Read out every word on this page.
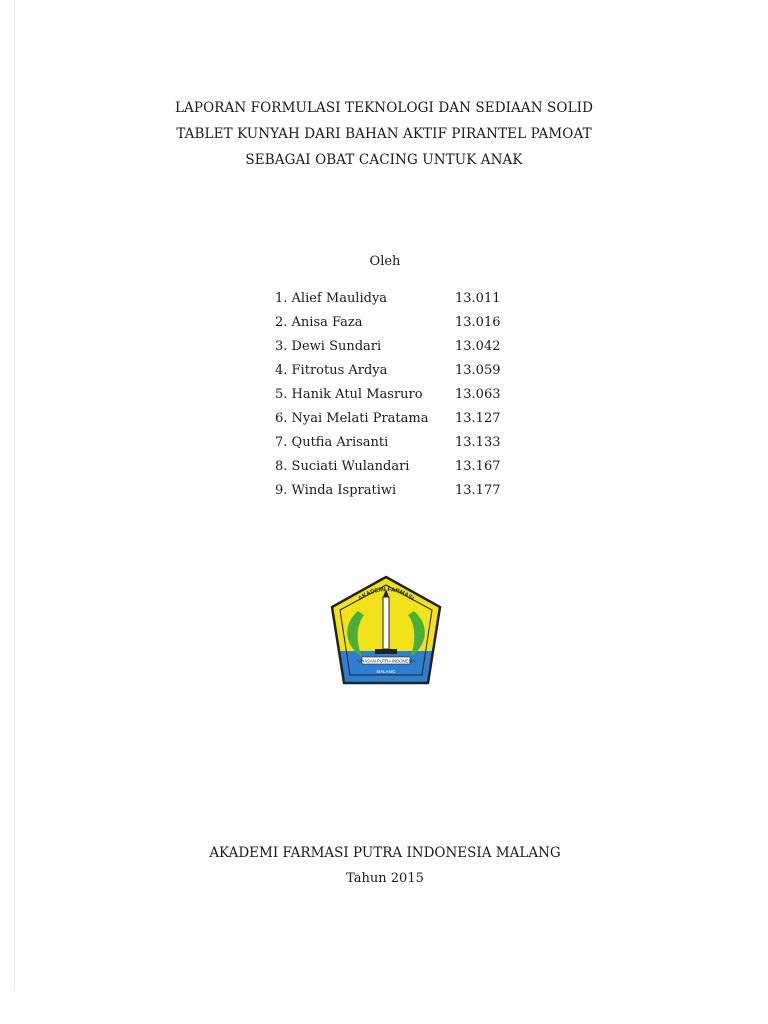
LAPORAN FORMULASI TEKNOLOGI DAN SEDIAAN SOLID
TABLET KUNYAH DARI BAHAN AKTIF PIRANTEL PAMOAT
SEBAGAI OBAT CACING UNTUK ANAK
Oleh
1. Alief Maulidya	13.011
2. Anisa Faza	13.016
3. Dewi Sundari	13.042
4. Fitrotus Ardya	13.059
5. Hanik Atul Masruro	13.063
6. Nyai Melati Pratama	13.127
7. Qutfia Arisanti	13.133
8. Suciati Wulandari	13.167
9. Winda Ispratiwi	13.177
AKADEMI FARMASI
YAYASAN PUTRA INDONESIA
MALANG
AKADEMI FARMASI PUTRA INDONESIA MALANG
Tahun 2015
